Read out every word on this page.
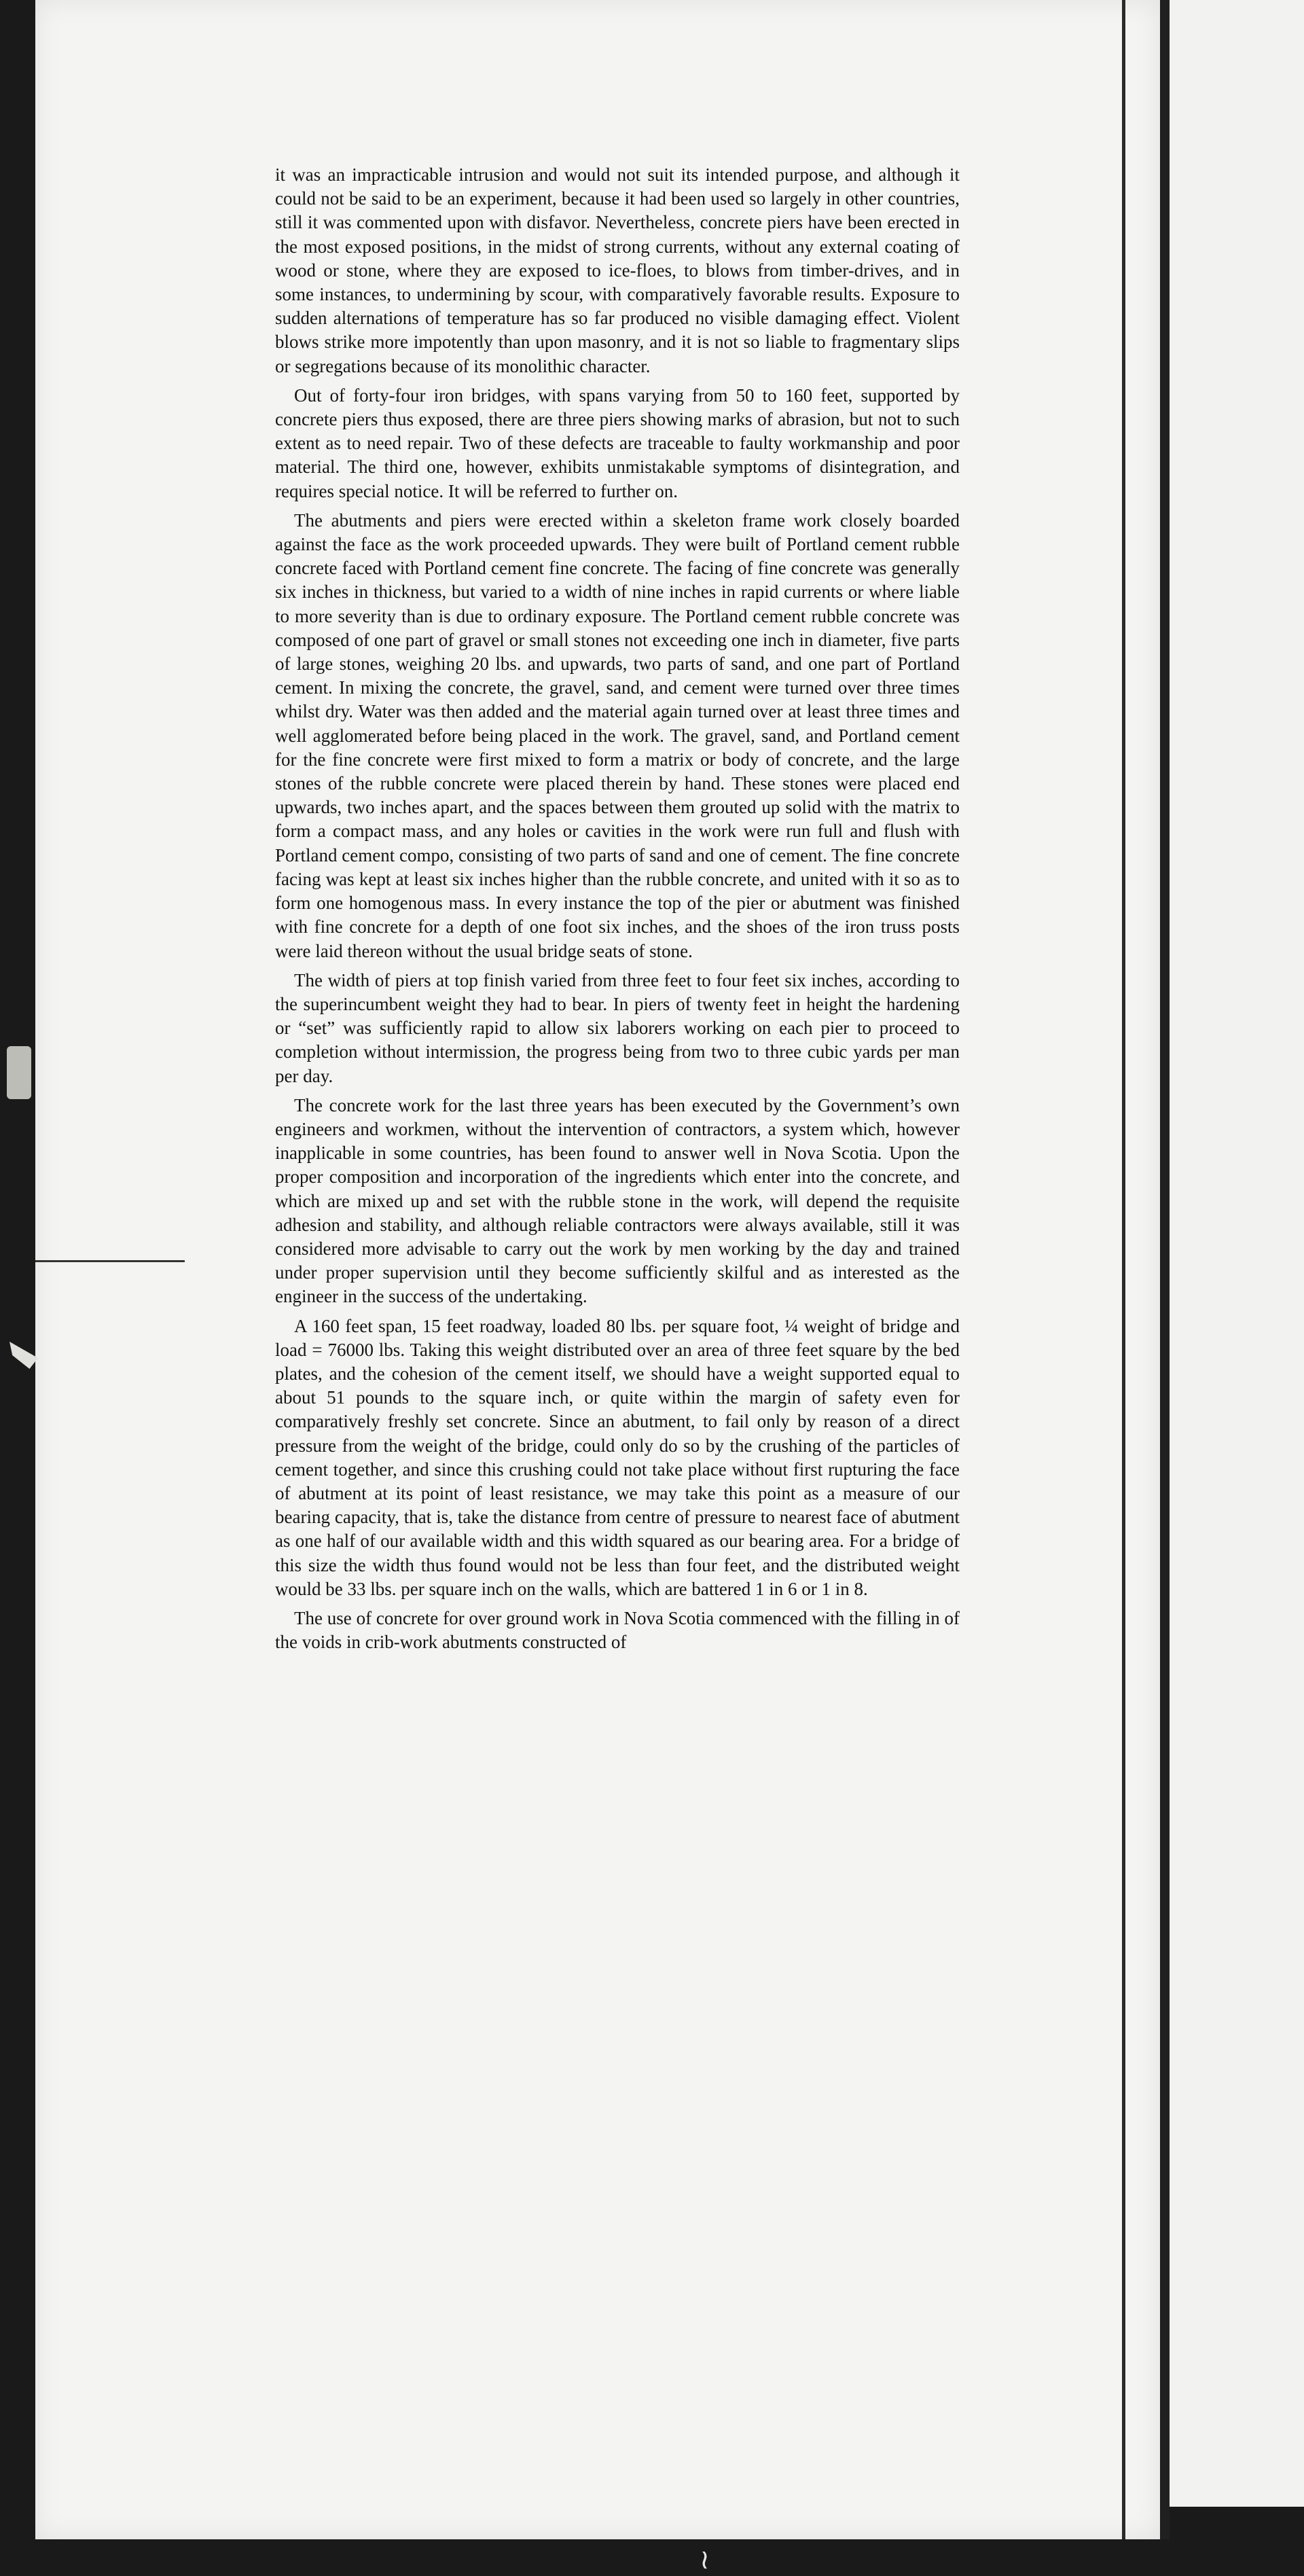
it was an impracticable intrusion and would not suit its intended purpose, and although it could not be said to be an experiment, because it had been used so largely in other countries, still it was commented upon with disfavor. Nevertheless, concrete piers have been erected in the most exposed positions, in the midst of strong currents, without any external coating of wood or stone, where they are exposed to ice-floes, to blows from timber-drives, and in some instances, to undermining by scour, with comparatively favorable results. Exposure to sudden alternations of temperature has so far produced no visible damaging effect. Violent blows strike more impotently than upon masonry, and it is not so liable to fragmentary slips or segregations because of its monolithic character.

Out of forty-four iron bridges, with spans varying from 50 to 160 feet, supported by concrete piers thus exposed, there are three piers showing marks of abrasion, but not to such extent as to need repair. Two of these defects are traceable to faulty workmanship and poor material. The third one, however, exhibits unmistakable symptoms of disintegration, and requires special notice. It will be referred to further on.

The abutments and piers were erected within a skeleton frame work closely boarded against the face as the work proceeded upwards. They were built of Portland cement rubble concrete faced with Portland cement fine concrete. The facing of fine concrete was generally six inches in thickness, but varied to a width of nine inches in rapid currents or where liable to more severity than is due to ordinary exposure. The Portland cement rubble concrete was composed of one part of gravel or small stones not exceeding one inch in diameter, five parts of large stones, weighing 20 lbs. and upwards, two parts of sand, and one part of Portland cement. In mixing the concrete, the gravel, sand, and cement were turned over three times whilst dry. Water was then added and the material again turned over at least three times and well agglomerated before being placed in the work. The gravel, sand, and Portland cement for the fine concrete were first mixed to form a matrix or body of concrete, and the large stones of the rubble concrete were placed therein by hand. These stones were placed end upwards, two inches apart, and the spaces between them grouted up solid with the matrix to form a compact mass, and any holes or cavities in the work were run full and flush with Portland cement compo, consisting of two parts of sand and one of cement. The fine concrete facing was kept at least six inches higher than the rubble concrete, and united with it so as to form one homogenous mass. In every instance the top of the pier or abutment was finished with fine concrete for a depth of one foot six inches, and the shoes of the iron truss posts were laid thereon without the usual bridge seats of stone.

The width of piers at top finish varied from three feet to four feet six inches, according to the superincumbent weight they had to bear. In piers of twenty feet in height the hardening or “set” was sufficiently rapid to allow six laborers working on each pier to proceed to completion without intermission, the progress being from two to three cubic yards per man per day.

The concrete work for the last three years has been executed by the Government’s own engineers and workmen, without the intervention of contractors, a system which, however inapplicable in some countries, has been found to answer well in Nova Scotia. Upon the proper composition and incorporation of the ingredients which enter into the concrete, and which are mixed up and set with the rubble stone in the work, will depend the requisite adhesion and stability, and although reliable contractors were always available, still it was considered more advisable to carry out the work by men working by the day and trained under proper supervision until they become sufficiently skilful and as interested as the engineer in the success of the undertaking.

A 160 feet span, 15 feet roadway, loaded 80 lbs. per square foot, ¼ weight of bridge and load = 76000 lbs. Taking this weight distributed over an area of three feet square by the bed plates, and the cohesion of the cement itself, we should have a weight supported equal to about 51 pounds to the square inch, or quite within the margin of safety even for comparatively freshly set concrete. Since an abutment, to fail only by reason of a direct pressure from the weight of the bridge, could only do so by the crushing of the particles of cement together, and since this crushing could not take place without first rupturing the face of abutment at its point of least resistance, we may take this point as a measure of our bearing capacity, that is, take the distance from centre of pressure to nearest face of abutment as one half of our available width and this width squared as our bearing area. For a bridge of this size the width thus found would not be less than four feet, and the distributed weight would be 33 lbs. per square inch on the walls, which are battered 1 in 6 or 1 in 8.

The use of concrete for over ground work in Nova Scotia commenced with the filling in of the voids in crib-work abutments constructed of

≀
